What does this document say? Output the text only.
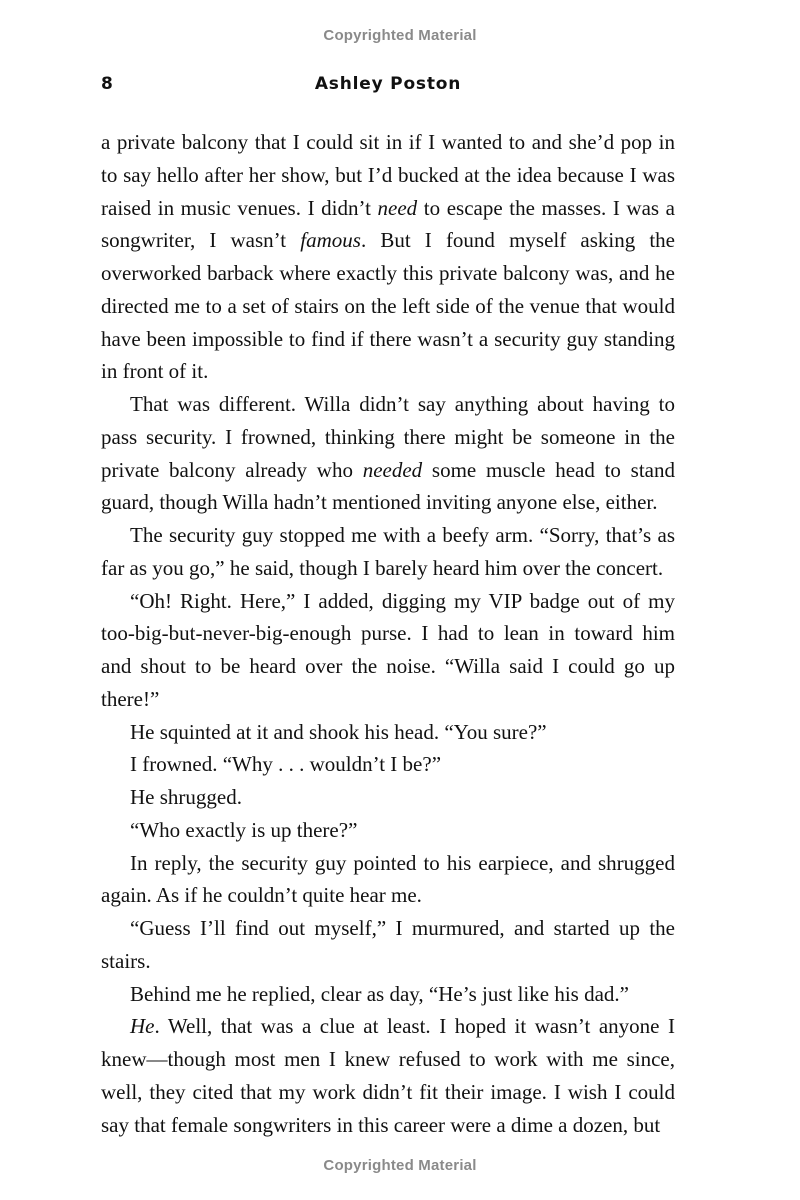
Copyrighted Material
8	Ashley Poston

a private balcony that I could sit in if I wanted to and she’d pop in to say hello after her show, but I’d bucked at the idea because I was raised in music venues. I didn’t need to escape the masses. I was a songwriter, I wasn’t famous. But I found myself asking the overworked barback where exactly this private balcony was, and he directed me to a set of stairs on the left side of the venue that would have been impossible to find if there wasn’t a security guy standing in front of it.

That was different. Willa didn’t say anything about having to pass security. I frowned, thinking there might be someone in the private balcony already who needed some muscle head to stand guard, though Willa hadn’t mentioned inviting anyone else, either.

The security guy stopped me with a beefy arm. “Sorry, that’s as far as you go,” he said, though I barely heard him over the concert.

“Oh! Right. Here,” I added, digging my VIP badge out of my too-big-but-never-big-enough purse. I had to lean in toward him and shout to be heard over the noise. “Willa said I could go up there!”

He squinted at it and shook his head. “You sure?”

I frowned. “Why . . . wouldn’t I be?”

He shrugged.

“Who exactly is up there?”

In reply, the security guy pointed to his earpiece, and shrugged again. As if he couldn’t quite hear me.

“Guess I’ll find out myself,” I murmured, and started up the stairs.

Behind me he replied, clear as day, “He’s just like his dad.”

He. Well, that was a clue at least. I hoped it wasn’t anyone I knew—though most men I knew refused to work with me since, well, they cited that my work didn’t fit their image. I wish I could say that female songwriters in this career were a dime a dozen, but

Copyrighted Material
